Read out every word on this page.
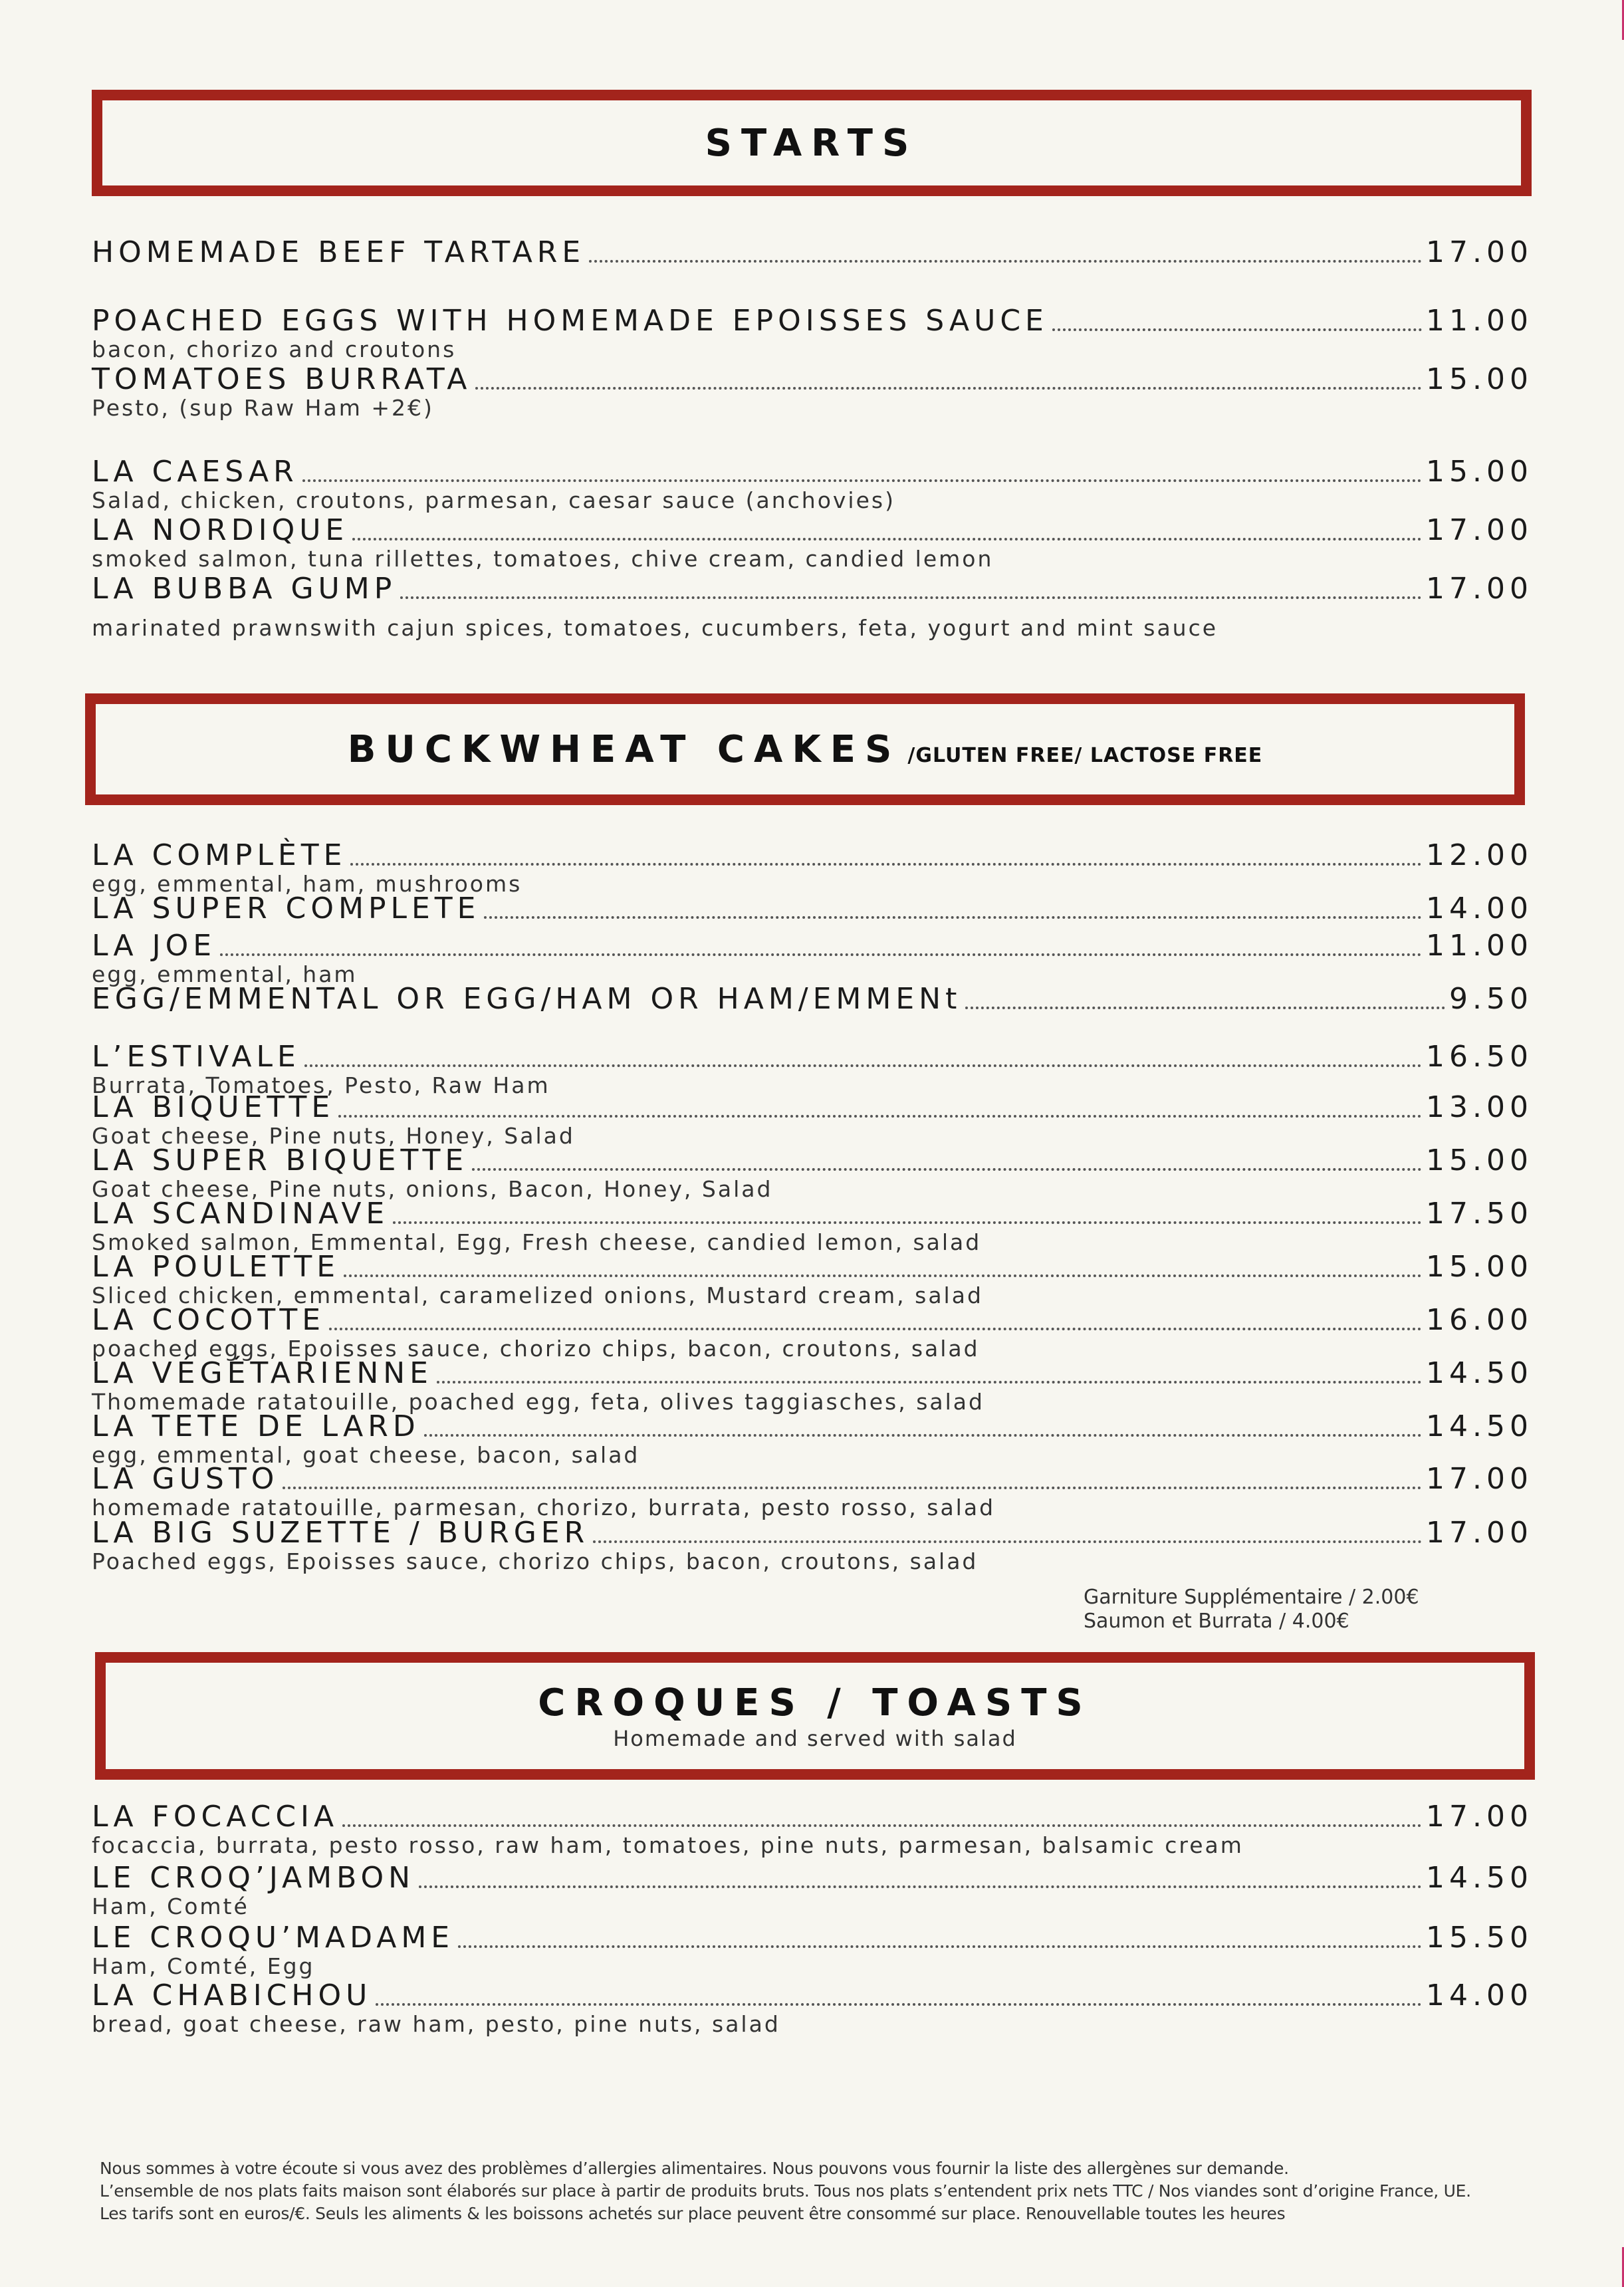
STARTS
HOMEMADE BEEF TARTARE	17.00
POACHED EGGS WITH HOMEMADE EPOISSES SAUCE	11.00
bacon, chorizo and croutons
TOMATOES BURRATA	15.00
Pesto, (sup Raw Ham +2€)
LA CAESAR	15.00
Salad, chicken, croutons, parmesan, caesar sauce (anchovies)
LA NORDIQUE	17.00
smoked salmon, tuna rillettes, tomatoes, chive cream, candied lemon
LA BUBBA GUMP	17.00
marinated prawnswith cajun spices, tomatoes, cucumbers, feta, yogurt and mint sauce
BUCKWHEAT CAKES /GLUTEN FREE/ LACTOSE FREE
LA COMPLÈTE	12.00
egg, emmental, ham, mushrooms
LA SUPER COMPLETE	14.00
LA JOE	11.00
egg, emmental, ham
EGG/EMMENTAL OR EGG/HAM OR HAM/EMMENt	9.50
L’ESTIVALE	16.50
Burrata, Tomatoes, Pesto, Raw Ham
LA BIQUETTE	13.00
Goat cheese, Pine nuts, Honey, Salad
LA SUPER BIQUETTE	15.00
Goat cheese, Pine nuts, onions, Bacon, Honey, Salad
LA SCANDINAVE	17.50
Smoked salmon, Emmental, Egg, Fresh cheese, candied lemon, salad
LA POULETTE	15.00
Sliced chicken, emmental, caramelized onions, Mustard cream, salad
LA COCOTTE	16.00
poached eggs, Epoisses sauce, chorizo chips, bacon, croutons, salad
LA VÉGÉTARIENNE	14.50
Thomemade ratatouille, poached egg, feta, olives taggiasches, salad
LA TETE DE LARD	14.50
egg, emmental, goat cheese, bacon, salad
LA GUSTO	17.00
homemade ratatouille, parmesan, chorizo, burrata, pesto rosso, salad
LA BIG SUZETTE / BURGER	17.00
Poached eggs, Epoisses sauce, chorizo chips, bacon, croutons, salad
Garniture Supplémentaire / 2.00€
Saumon et Burrata / 4.00€
CROQUES / TOASTS
Homemade and served with salad
LA FOCACCIA	17.00
focaccia, burrata, pesto rosso, raw ham, tomatoes, pine nuts, parmesan, balsamic cream
LE CROQ’JAMBON	14.50
Ham, Comté
LE CROQU’MADAME	15.50
Ham, Comté, Egg
LA CHABICHOU	14.00
bread, goat cheese, raw ham, pesto, pine nuts, salad
Nous sommes à votre écoute si vous avez des problèmes d’allergies alimentaires. Nous pouvons vous fournir la liste des allergènes sur demande.
L’ensemble de nos plats faits maison sont élaborés sur place à partir de produits bruts. Tous nos plats s’entendent prix nets TTC / Nos viandes sont d’origine France, UE.
Les tarifs sont en euros/€. Seuls les aliments & les boissons achetés sur place peuvent être consommé sur place. Renouvellable toutes les heures
